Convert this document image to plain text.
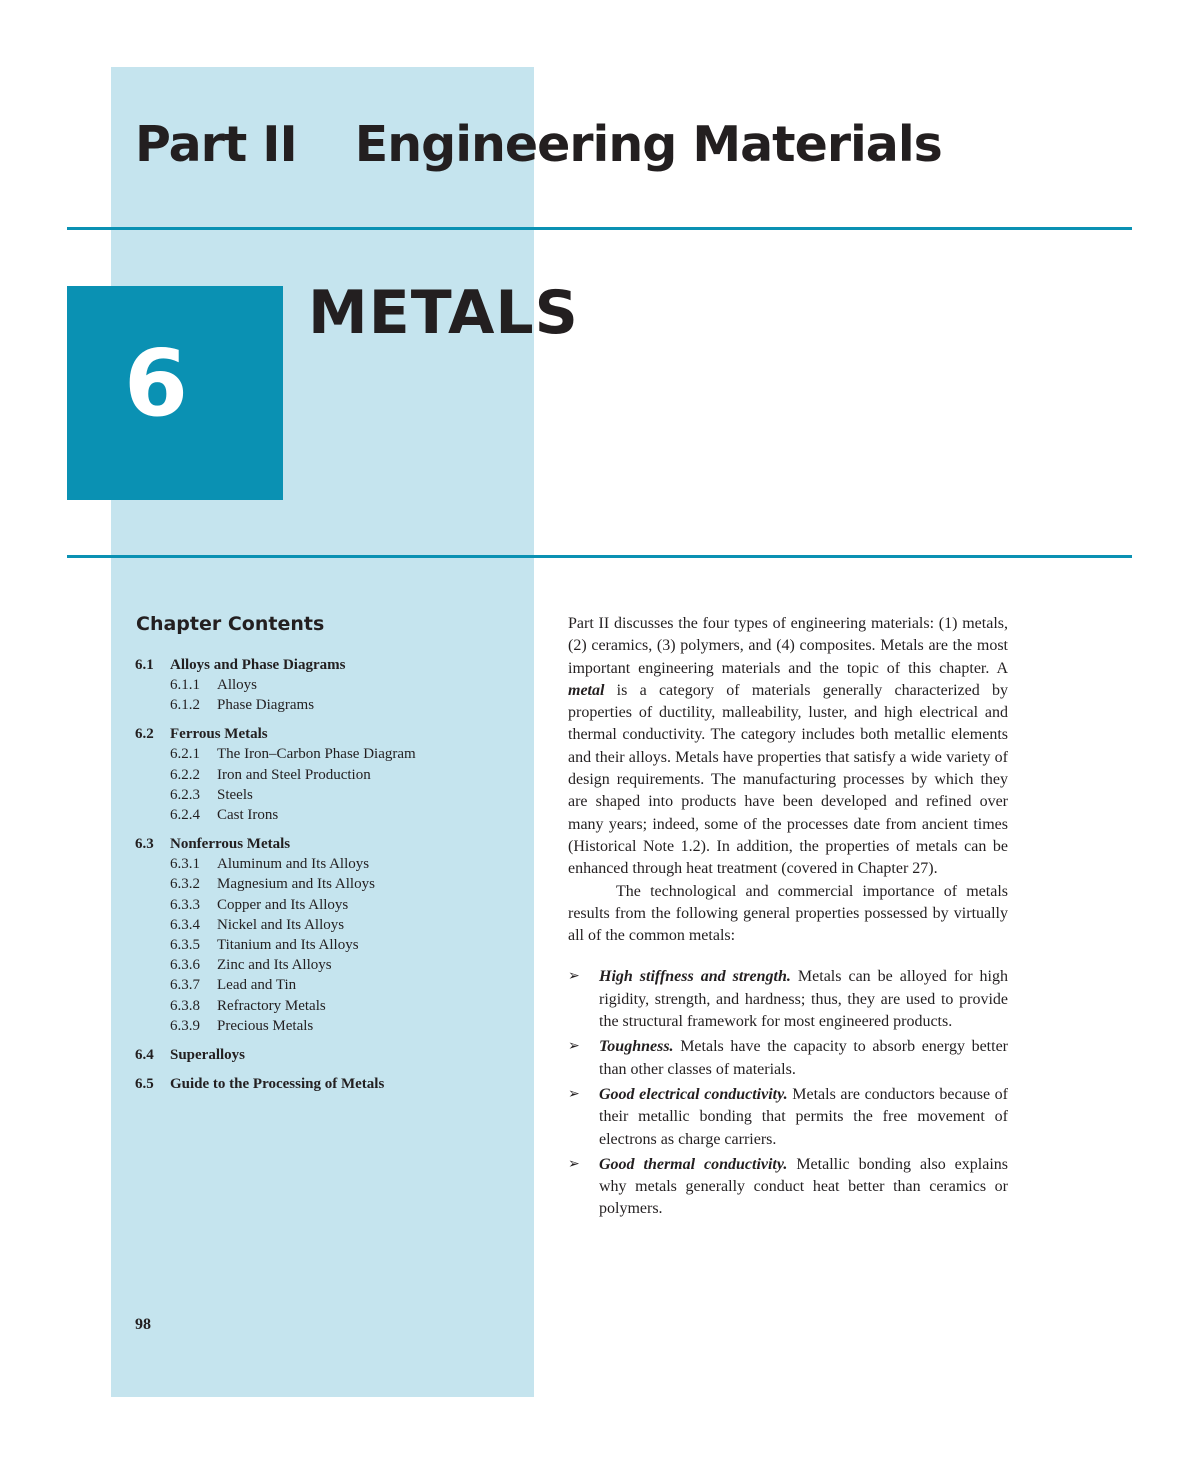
Part II Engineering Materials
6
METALS
Chapter Contents
6.1 Alloys and Phase Diagrams
6.1.1 Alloys
6.1.2 Phase Diagrams
6.2 Ferrous Metals
6.2.1 The Iron–Carbon Phase Diagram
6.2.2 Iron and Steel Production
6.2.3 Steels
6.2.4 Cast Irons
6.3 Nonferrous Metals
6.3.1 Aluminum and Its Alloys
6.3.2 Magnesium and Its Alloys
6.3.3 Copper and Its Alloys
6.3.4 Nickel and Its Alloys
6.3.5 Titanium and Its Alloys
6.3.6 Zinc and Its Alloys
6.3.7 Lead and Tin
6.3.8 Refractory Metals
6.3.9 Precious Metals
6.4 Superalloys
6.5 Guide to the Processing of Metals
98

Part II discusses the four types of engineering materials: (1) metals, (2) ceramics, (3) polymers, and (4) composites. Metals are the most important engineering materials and the topic of this chapter. A metal is a category of materials generally characterized by properties of ductility, malleability, luster, and high electrical and thermal conductivity. The category includes both metallic elements and their alloys. Metals have properties that satisfy a wide variety of design requirements. The manufacturing processes by which they are shaped into products have been developed and refined over many years; indeed, some of the processes date from ancient times (Historical Note 1.2). In addition, the properties of metals can be enhanced through heat treatment (covered in Chapter 27).

The technological and commercial importance of metals results from the following general properties possessed by virtually all of the common metals:

➢ High stiffness and strength. Metals can be alloyed for high rigidity, strength, and hardness; thus, they are used to provide the structural framework for most engineered products.
➢ Toughness. Metals have the capacity to absorb energy better than other classes of materials.
➢ Good electrical conductivity. Metals are conductors because of their metallic bonding that permits the free movement of electrons as charge carriers.
➢ Good thermal conductivity. Metallic bonding also explains why metals generally conduct heat better than ceramics or polymers.
